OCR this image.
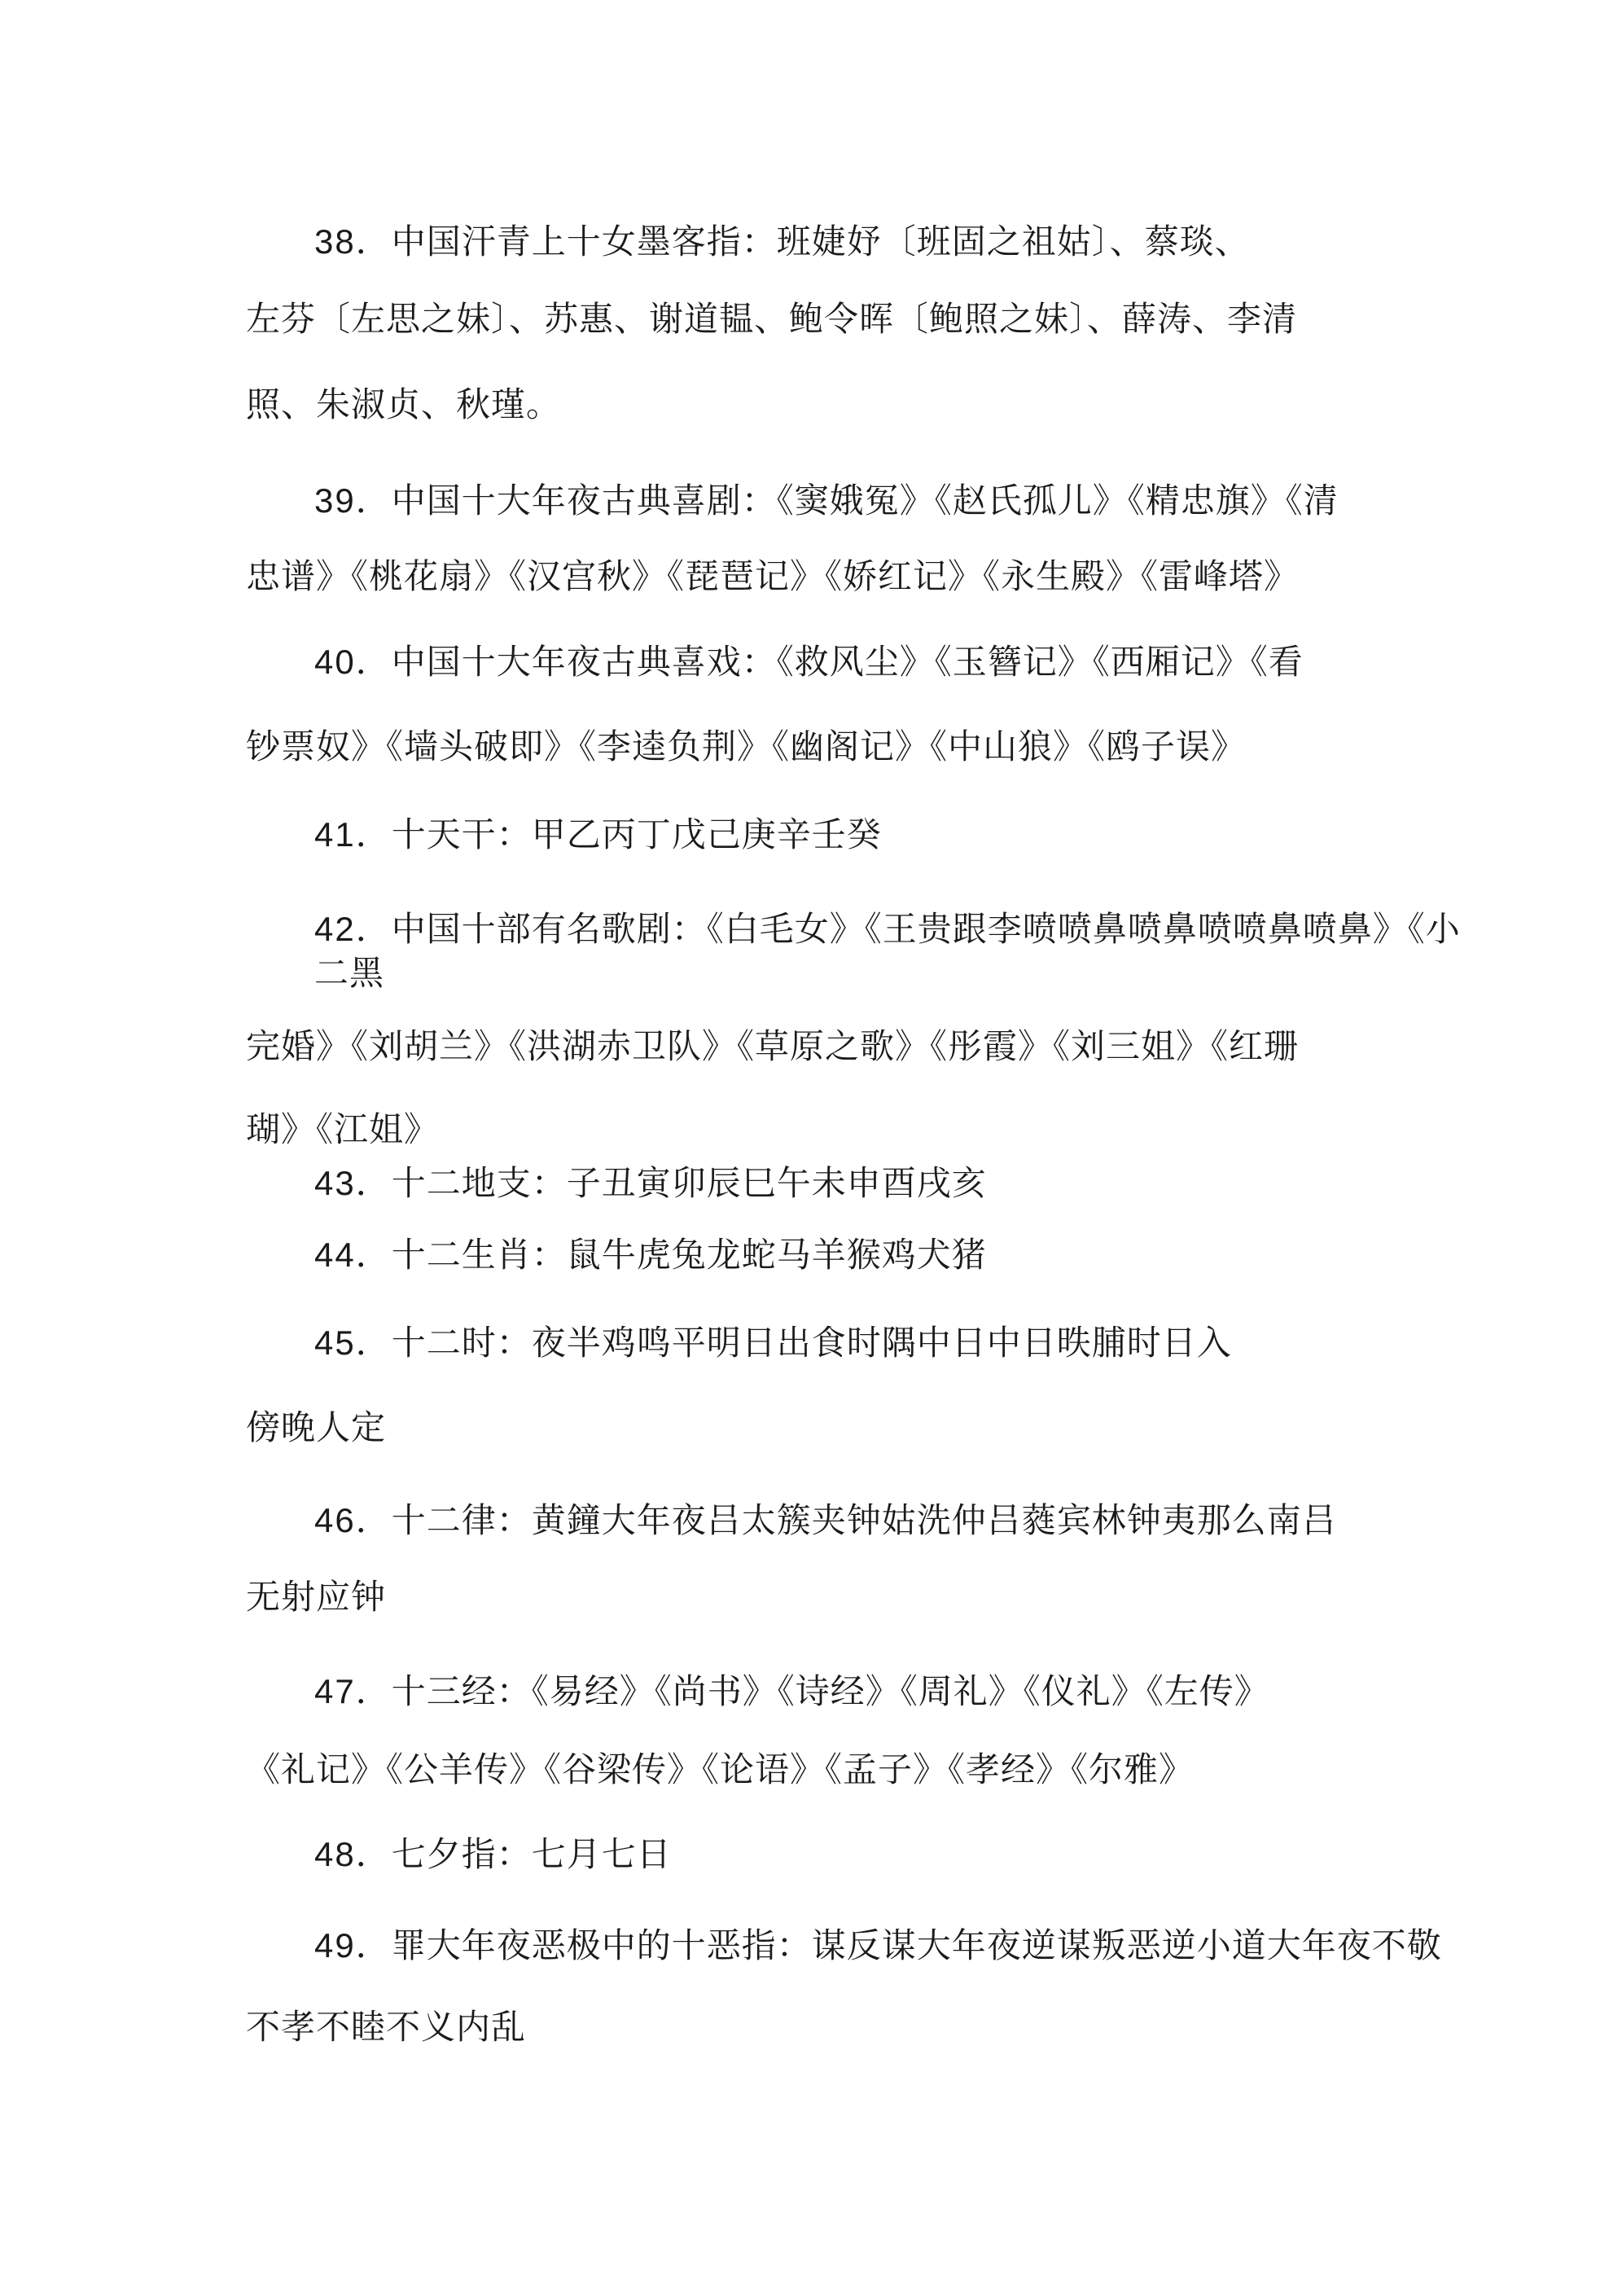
38．中国汗青上十女墨客指：班婕妤〔班固之祖姑〕、蔡琰、
左芬〔左思之妹〕、苏惠、谢道韫、鲍令晖〔鲍照之妹〕、薛涛、李清
照、朱淑贞、秋瑾。
39．中国十大年夜古典喜剧：《窦娥冤》《赵氏孤儿》《精忠旗》《清
忠谱》《桃花扇》《汉宫秋》《琵琶记》《娇红记》《永生殿》《雷峰塔》
40．中国十大年夜古典喜戏：《救风尘》《玉簪记》《西厢记》《看
钞票奴》《墙头破即》《李逵负荆》《幽阁记》《中山狼》《鸥子误》
41．十天干：甲乙丙丁戊己庚辛壬癸
42．中国十部有名歌剧：《白毛女》《王贵跟李喷喷鼻喷鼻喷喷鼻喷鼻》《小
二黑
完婚》《刘胡兰》《洪湖赤卫队》《草原之歌》《彤霞》《刘三姐》《红珊
瑚》《江姐》
43．十二地支：子丑寅卯辰巳午未申酉戌亥
44．十二生肖：鼠牛虎兔龙蛇马羊猴鸡犬猪
45．十二时：夜半鸡鸣平明日出食时隅中日中日昳脯时日入
傍晚人定
46．十二律：黄鐘大年夜吕太簇夹钟姑洗仲吕蕤宾林钟夷那么南吕
无射应钟
47．十三经：《易经》《尚书》《诗经》《周礼》《仪礼》《左传》
《礼记》《公羊传》《谷梁传》《论语》《孟子》《孝经》《尔雅》
48．七夕指：七月七日
49．罪大年夜恶极中的十恶指：谋反谋大年夜逆谋叛恶逆小道大年夜不敬
不孝不睦不义内乱
